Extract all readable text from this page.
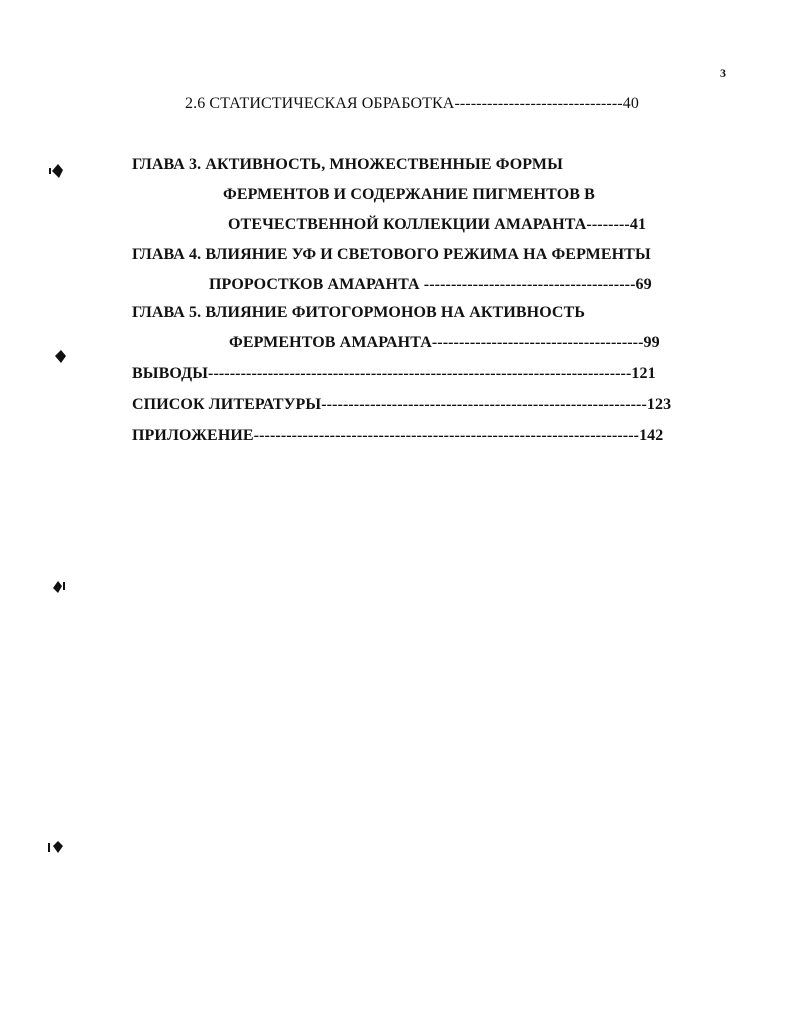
3
2.6 СТАТИСТИЧЕСКАЯ ОБРАБОТКА-------------------------------40
ГЛАВА 3. АКТИВНОСТЬ, МНОЖЕСТВЕННЫЕ ФОРМЫ
ФЕРМЕНТОВ И СОДЕРЖАНИЕ ПИГМЕНТОВ В
ОТЕЧЕСТВЕННОЙ КОЛЛЕКЦИИ АМАРАНТА--------41
ГЛАВА 4. ВЛИЯНИЕ УФ И СВЕТОВОГО РЕЖИМА НА ФЕРМЕНТЫ
ПРОРОСТКОВ АМАРАНТА ---------------------------------------69
ГЛАВА 5. ВЛИЯНИЕ ФИТОГОРМОНОВ НА АКТИВНОСТЬ
ФЕРМЕНТОВ АМАРАНТА---------------------------------------99
ВЫВОДЫ------------------------------------------------------------------------------121
СПИСОК ЛИТЕРАТУРЫ------------------------------------------------------------123
ПРИЛОЖЕНИЕ-----------------------------------------------------------------------142
